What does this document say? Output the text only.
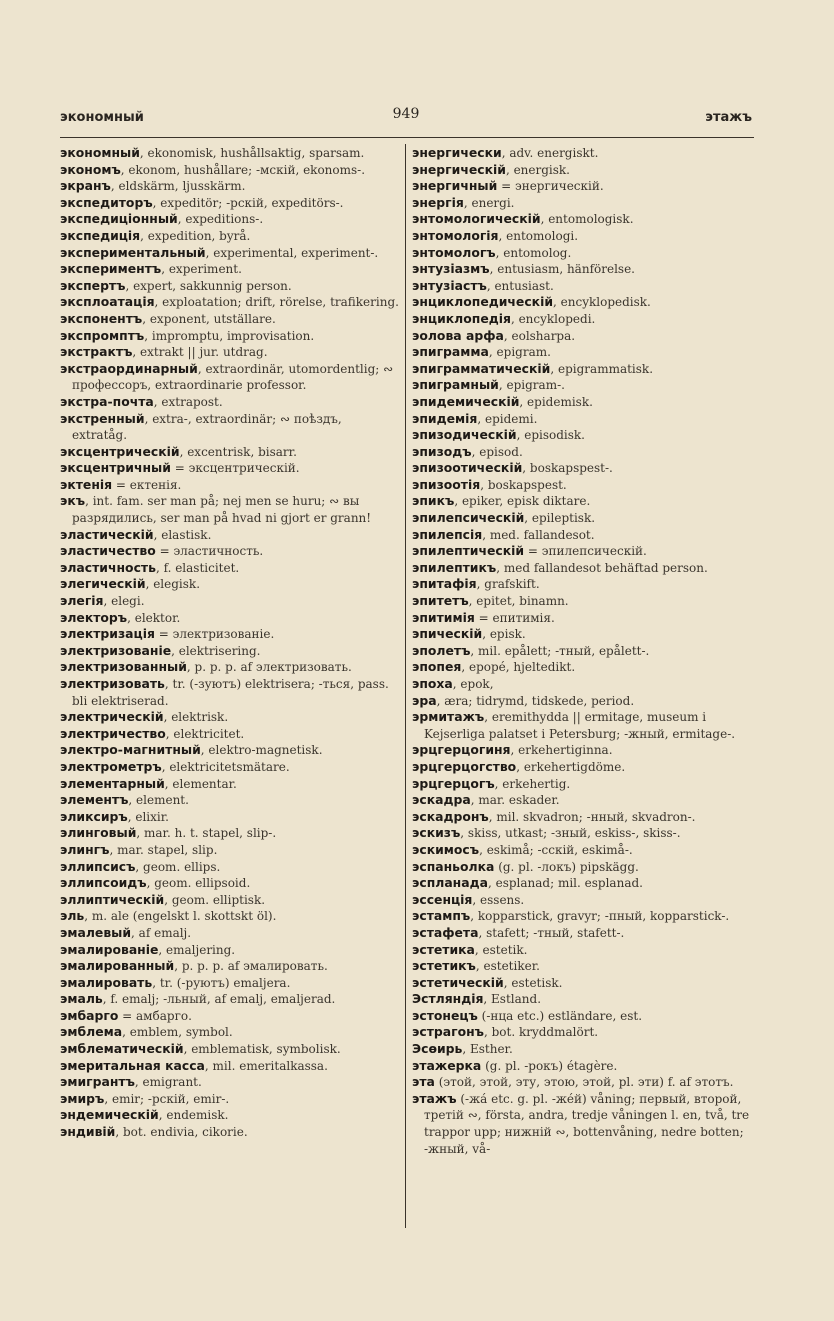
экономный	949	этажъ

экономный, ekonomisk, hushållsaktig, sparsam.

экономъ, ekonom, hushållare; -мскій, ekonoms-.

экранъ, eldskärm, ljusskärm.

экспедиторъ, expeditör; -рскій, expeditörs-.

экспедиціонный, expeditions-.

экспедиція, expedition, byrå.

экспериментальный, experimental, experiment-.

экспериментъ, experiment.

экспертъ, expert, sakkunnig person.

эксплоатація, exploatation; drift, rörelse, trafikering.

экспонентъ, exponent, utställare.

экспромптъ, impromptu, improvisation.

экстрактъ, extrakt || jur. utdrag.

экстраординарный, extraordinär, utomordentlig; ∾ профессоръ, extraordinarie professor.

экстра-почта, extrapost.

экстренный, extra-, extraordinär; ∾ поѣздъ, extratåg.

эксцентрическій, excentrisk, bisarr.

эксцентричный = эксцентрическій.

эктенія = ектенія.

экъ, int. fam. ser man på; nej men se huru; ∾ вы разрядились, ser man på hvad ni gjort er grann!

эластическій, elastisk.

эластичество = эластичность.

эластичность, f. elasticitet.

элегическій, elegisk.

элегія, elegi.

электоръ, elektor.

электризація = электризованіе.

электризованіе, elektrisering.

электризованный, p. p. p. af электризовать.

электризовать, tr. (-зуютъ) elektrisera; -ться, pass. bli elektriserad.

электрическій, elektrisk.

электричество, elektricitet.

электро-магнитный, elektro-magnetisk.

электрометръ, elektricitetsmätare.

элементарный, elementar.

элементъ, element.

эликсиръ, elixir.

элинговый, mar. h. t. stapel, slip-.

элингъ, mar. stapel, slip.

эллипсисъ, geom. ellips.

эллипсоидъ, geom. ellipsoid.

эллиптическій, geom. elliptisk.

эль, m. ale (engelskt l. skottskt öl).

эмалевый, af emalj.

эмалированіе, emaljering.

эмалированный, p. p. p. af эмалировать.

эмалировать, tr. (-руютъ) emaljera.

эмаль, f. emalj; -льный, af emalj, emaljerad.

эмбарго = амбарго.

эмблема, emblem, symbol.

эмблематическій, emblematisk, symbolisk.

эмеритальная касса, mil. emeritalkassa.

эмигрантъ, emigrant.

эмиръ, emir; -рскій, emir-.

эндемическій, endemisk.

эндивій, bot. endivia, cikorie.

энергически, adv. energiskt.

энергическій, energisk.

энергичный = энергическій.

энергія, energi.

энтомологическій, entomologisk.

энтомологія, entomologi.

энтомологъ, entomolog.

энтузіазмъ, entusiasm, hänförelse.

энтузіастъ, entusiast.

энциклопедическій, encyklopedisk.

энциклопедія, encyklopedi.

эолова арфа, eolsharpa.

эпиграмма, epigram.

эпиграмматическій, epigrammatisk.

эпиграмный, epigram-.

эпидемическій, epidemisk.

эпидемія, epidemi.

эпизодическій, episodisk.

эпизодъ, episod.

эпизоотическій, boskapspest-.

эпизоотія, boskapspest.

эпикъ, epiker, episk diktare.

эпилепсическій, epileptisk.

эпилепсія, med. fallandesot.

эпилептическій = эпилепсическій.

эпилептикъ, med fallandesot behäftad person.

эпитафія, grafskift.

эпитетъ, epitet, binamn.

эпитимія = епитимія.

эпическій, episk.

эполетъ, mil. epålett; -тный, epålett-.

эпопея, epopé, hjeltedikt.

эпоха, epok,

эра, æra; tidrymd, tidskede, period.

эрмитажъ, eremithydda || ermitage, museum i Kejserliga palatset i Petersburg; -жный, ermitage-.

эрцгерцогиня, erkehertiginna.

эрцгерцогство, erkehertigdöme.

эрцгерцогъ, erkehertig.

эскадра, mar. eskader.

эскадронъ, mil. skvadron; -нный, skvadron-.

эскизъ, skiss, utkast; -зный, eskiss-, skiss-.

эскимосъ, eskimå; -сскій, eskimå-.

эспаньолка (g. pl. -локъ) pipskägg.

эспланада, esplanad; mil. esplanad.

эссенція, essens.

эстампъ, kopparstick, gravyr; -пный, kopparstick-.

эстафета, stafett; -тный, stafett-.

эстетика, estetik.

эстетикъ, estetiker.

эстетическій, estetisk.

Эстляндія, Estland.

эстонецъ (-нца etc.) estländare, est.

эстрагонъ, bot. kryddmalört.

Эсѳирь, Esther.

этажерка (g. pl. -рокъ) étagère.

эта (этой, этой, эту, этою, этой, pl. эти) f. af этотъ.

этажъ (-жá etc. g. pl. -жéй) våning; первый, второй, третій ∾, första, andra, tredje våningen l. en, två, tre trappor upp; нижній ∾, bottenvåning, nedre botten; -жный, vå-
